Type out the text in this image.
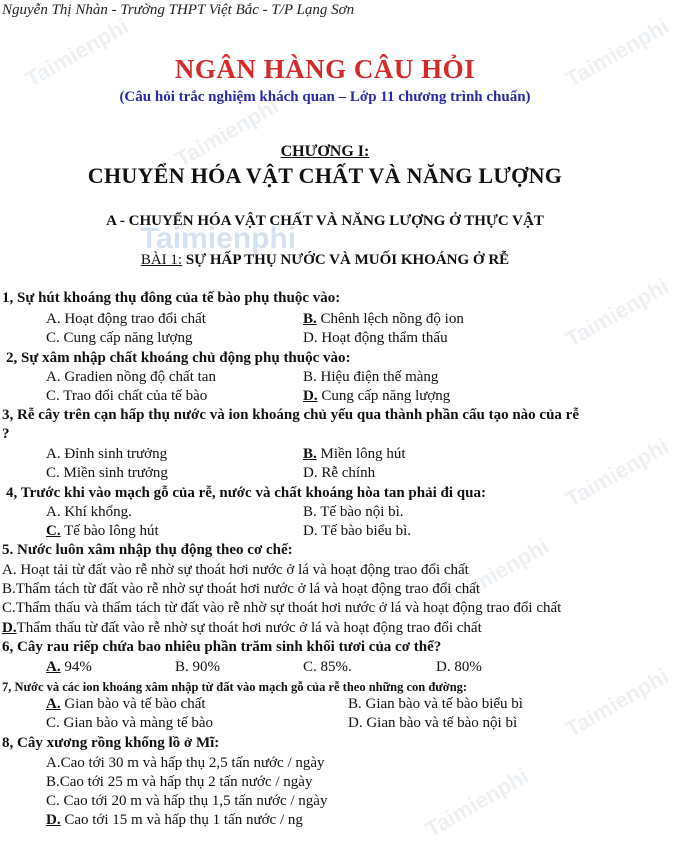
Taimienphi	Taimienphi
Taimienphi
Taimienphi
Taimienphi
Taimienphi
Taimienphi
Taimienphi
Taimienphi
Nguyễn Thị Nhàn - Trường THPT Việt Bắc - T/P Lạng Sơn
NGÂN HÀNG CÂU HỎI
(Câu hỏi trắc nghiệm khách quan – Lớp 11 chương trình chuẩn)
CHƯƠNG I:
CHUYỂN HÓA VẬT CHẤT VÀ NĂNG LƯỢNG
A - CHUYỂN HÓA VẬT CHẤT VÀ NĂNG LƯỢNG Ở THỰC VẬT
BÀI 1: SỰ HẤP THỤ NƯỚC VÀ MUỐI KHOÁNG Ở RỄ
1, Sự hút khoáng thụ đông của tế bào phụ thuộc vào:
A. Hoạt động trao đổi chất	B. Chênh lệch nồng độ ion
C. Cung cấp năng lượng	D. Hoạt động thẩm thấu
2, Sự xâm nhập chất khoáng chủ động phụ thuộc vào:
A. Gradien nồng độ chất tan	B. Hiệu điện thế màng
C. Trao đổi chất của tế bào	D. Cung cấp năng lượng
3, Rễ cây trên cạn hấp thụ nước và ion khoáng chủ yếu qua thành phần cấu tạo nào của rễ
?
A. Đỉnh sinh trưởng	B. Miền lông hút
C. Miền sinh trưởng	D. Rễ chính
4, Trước khi vào mạch gỗ của rễ, nước và chất khoáng hòa tan phải đi qua:
A. Khí khổng.	B. Tế bào nội bì.
C. Tế bào lông hút	D. Tế bào biểu bì.
5. Nước luôn xâm nhập thụ động theo cơ chế:
A. Hoạt tải từ đất vào rễ nhờ sự thoát hơi nước ở lá và hoạt động trao đổi chất
B.Thẩm tách từ đất vào rễ nhờ sự thoát hơi nước ở lá và hoạt động trao đổi chất
C.Thẩm thấu và thẩm tách từ đất vào rễ nhờ sự thoát hơi nước ở lá và hoạt động trao đổi chất
D.Thẩm thấu từ đất vào rễ nhờ sự thoát hơi nước ở lá và hoạt động trao đổi chất
6, Cây rau riếp chứa bao nhiêu phần trăm sinh khối tươi của cơ thể?
A. 94%	B. 90%	C. 85%.	D. 80%
7, Nước và các ion khoáng xâm nhập từ đất vào mạch gỗ của rễ theo những con đường:
A. Gian bào và tế bào chất	B. Gian bào và tế bào biểu bì
C. Gian bào và màng tế bào	D. Gian bào và tế bào nội bì
8, Cây xương rồng khổng lồ ở Mĩ:
A.Cao tới 30 m và hấp thụ 2,5 tấn nước / ngày
B.Cao tới 25 m và hấp thụ 2 tấn nước / ngày
C. Cao tới 20 m và hấp thụ 1,5 tấn nước / ngày
D. Cao tới 15 m và hấp thụ 1 tấn nước / ng
